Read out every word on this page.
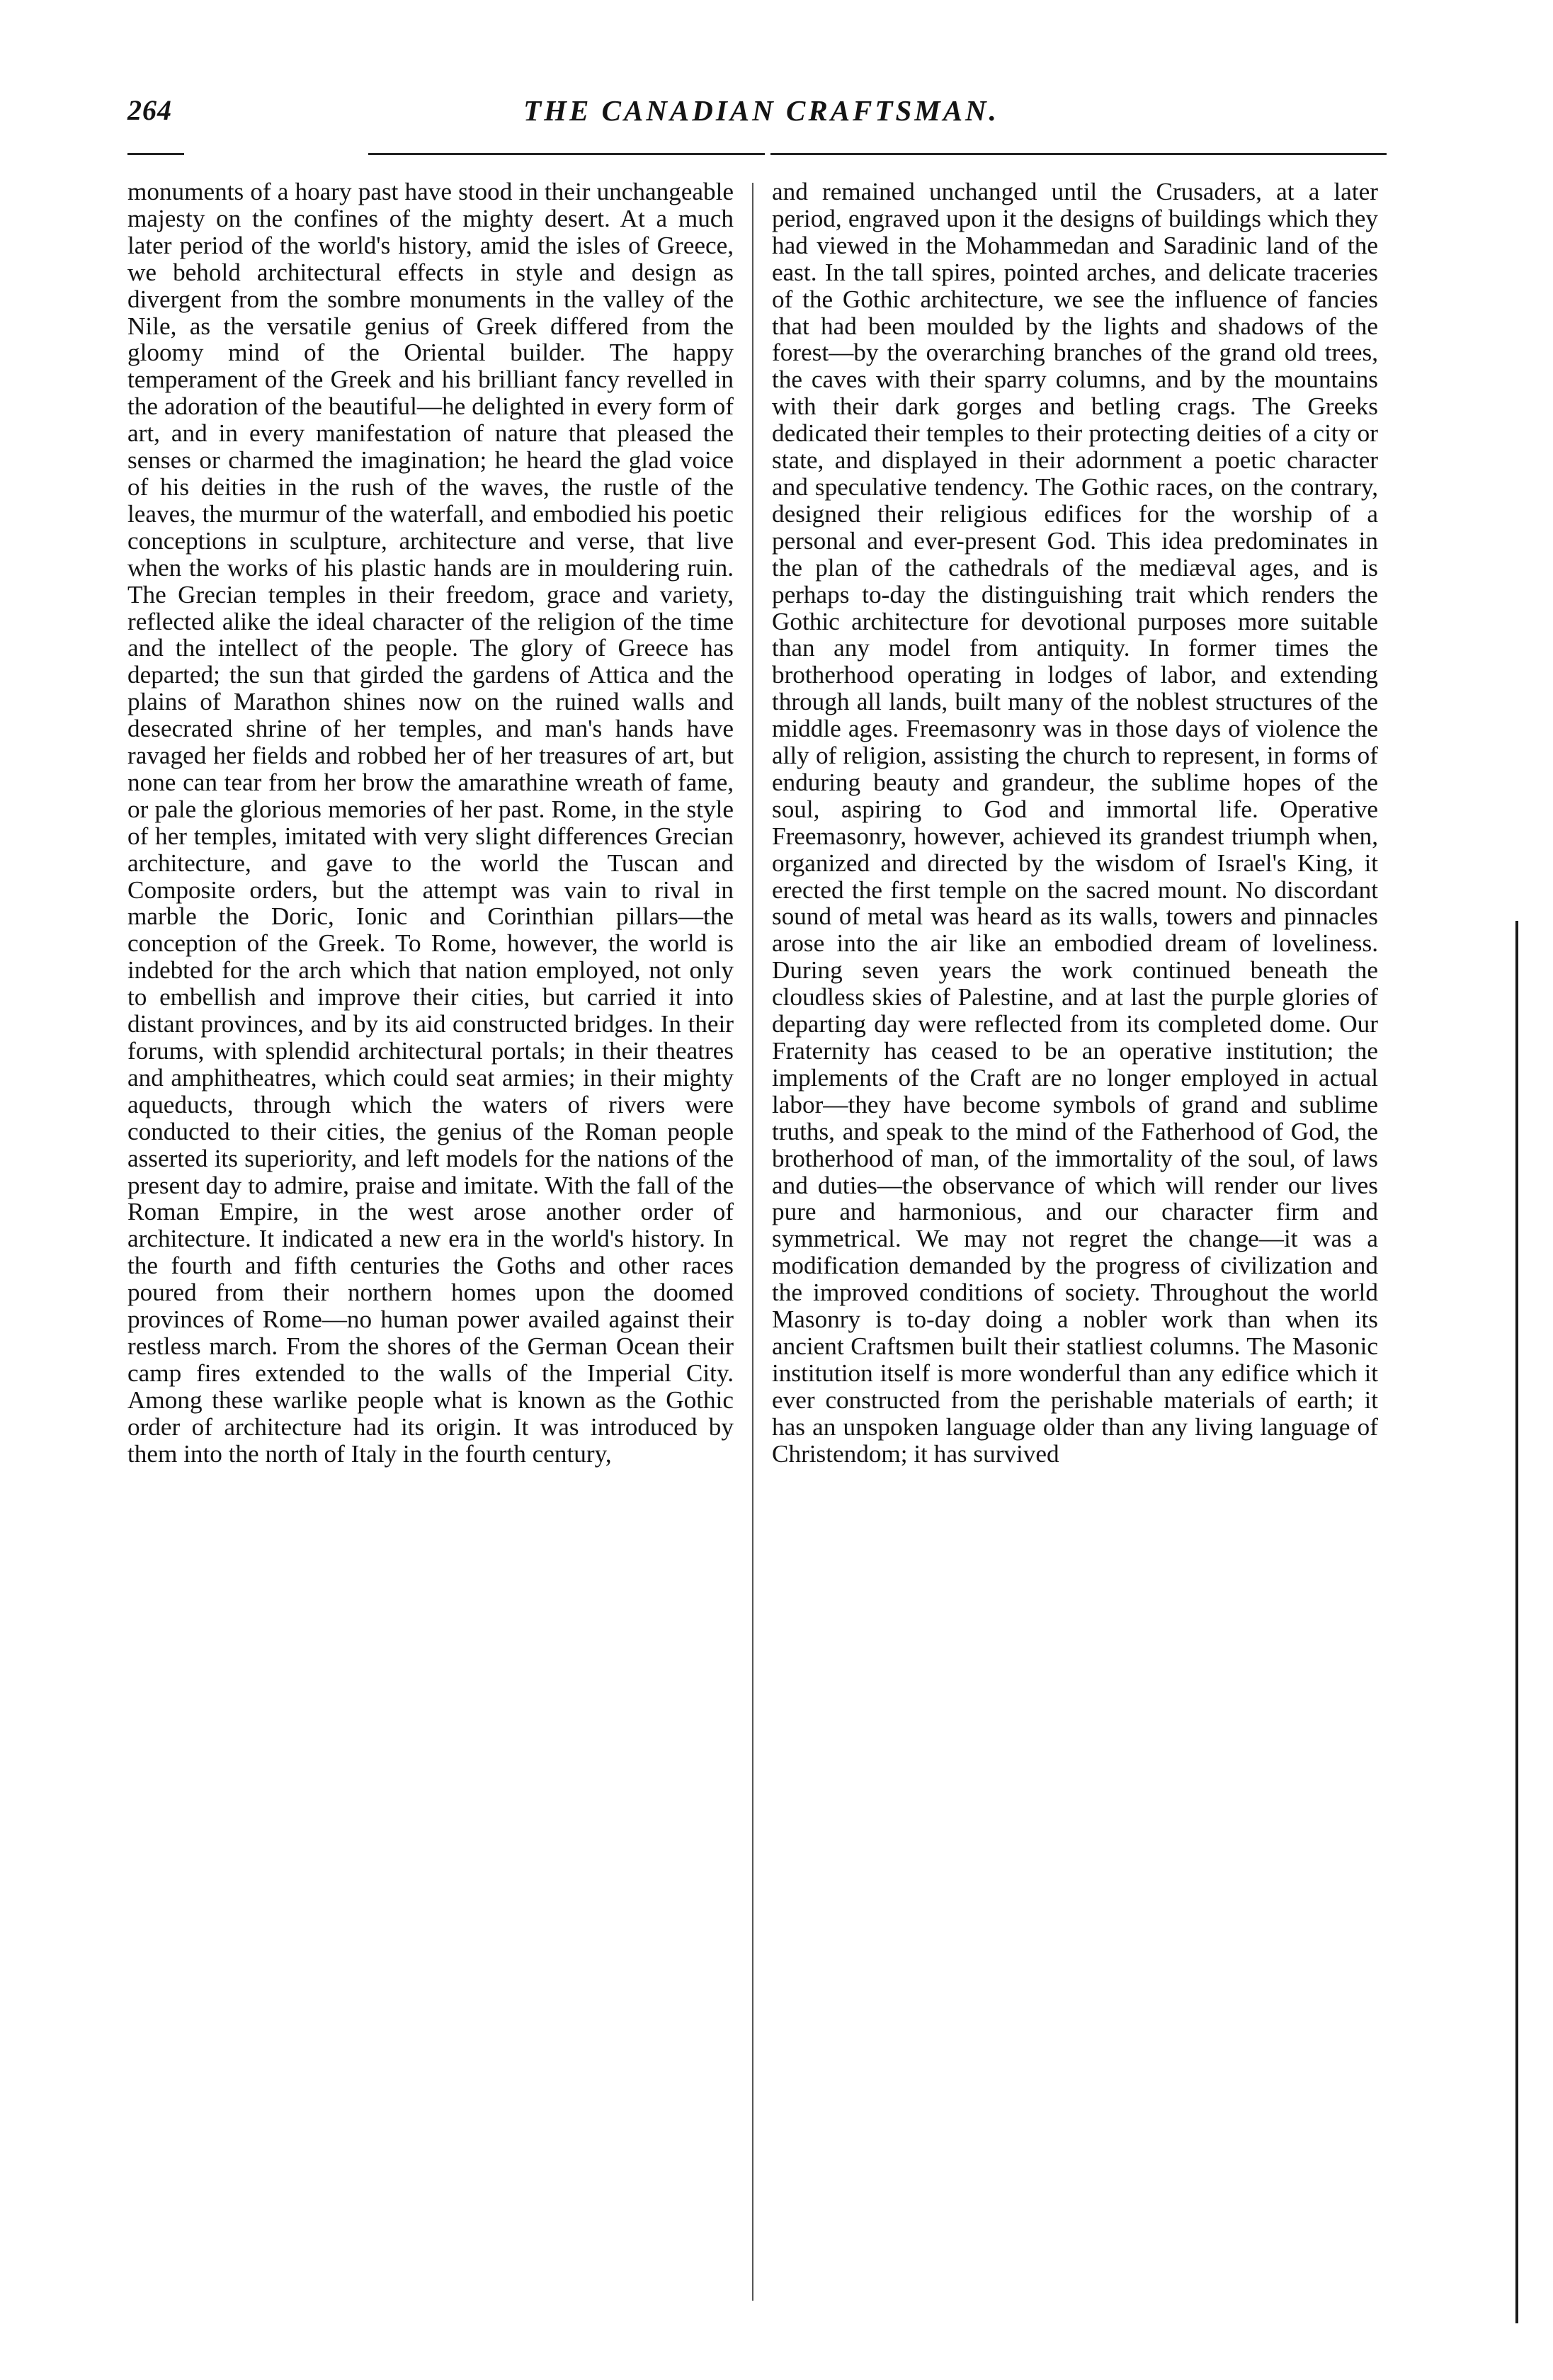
264	THE CANADIAN CRAFTSMAN.

monuments of a hoary past have stood in their unchangeable majesty on the confines of the mighty desert. At a much later period of the world's history, amid the isles of Greece, we behold architectural effects in style and design as divergent from the sombre monuments in the valley of the Nile, as the versatile genius of Greek differed from the gloomy mind of the Oriental builder. The happy temperament of the Greek and his brilliant fancy revelled in the adoration of the beautiful—he delighted in every form of art, and in every manifestation of nature that pleased the senses or charmed the imagination; he heard the glad voice of his deities in the rush of the waves, the rustle of the leaves, the murmur of the waterfall, and embodied his poetic conceptions in sculpture, architecture and verse, that live when the works of his plastic hands are in mouldering ruin. The Grecian temples in their freedom, grace and variety, reflected alike the ideal character of the religion of the time and the intellect of the people. The glory of Greece has departed; the sun that girded the gardens of Attica and the plains of Marathon shines now on the ruined walls and desecrated shrine of her temples, and man's hands have ravaged her fields and robbed her of her treasures of art, but none can tear from her brow the amarathine wreath of fame, or pale the glorious memories of her past. Rome, in the style of her temples, imitated with very slight differences Grecian architecture, and gave to the world the Tuscan and Composite orders, but the attempt was vain to rival in marble the Doric, Ionic and Corinthian pillars—the conception of the Greek. To Rome, however, the world is indebted for the arch which that nation employed, not only to embellish and improve their cities, but carried it into distant provinces, and by its aid constructed bridges. In their forums, with splendid architectural portals; in their theatres and amphitheatres, which could seat armies; in their mighty aqueducts, through which the waters of rivers were conducted to their cities, the genius of the Roman people asserted its superiority, and left models for the nations of the present day to admire, praise and imitate. With the fall of the Roman Empire, in the west arose another order of architecture. It indicated a new era in the world's history. In the fourth and fifth centuries the Goths and other races poured from their northern homes upon the doomed provinces of Rome—no human power availed against their restless march. From the shores of the German Ocean their camp fires extended to the walls of the Imperial City. Among these warlike people what is known as the Gothic order of architecture had its origin. It was introduced by them into the north of Italy in the fourth century,

and remained unchanged until the Crusaders, at a later period, engraved upon it the designs of buildings which they had viewed in the Mohammedan and Saradinic land of the east. In the tall spires, pointed arches, and delicate traceries of the Gothic architecture, we see the influence of fancies that had been moulded by the lights and shadows of the forest—by the overarching branches of the grand old trees, the caves with their sparry columns, and by the mountains with their dark gorges and betling crags. The Greeks dedicated their temples to their protecting deities of a city or state, and displayed in their adornment a poetic character and speculative tendency. The Gothic races, on the contrary, designed their religious edifices for the worship of a personal and ever-present God. This idea predominates in the plan of the cathedrals of the mediæval ages, and is perhaps to-day the distinguishing trait which renders the Gothic architecture for devotional purposes more suitable than any model from antiquity. In former times the brotherhood operating in lodges of labor, and extending through all lands, built many of the noblest structures of the middle ages. Freemasonry was in those days of violence the ally of religion, assisting the church to represent, in forms of enduring beauty and grandeur, the sublime hopes of the soul, aspiring to God and immortal life. Operative Freemasonry, however, achieved its grandest triumph when, organized and directed by the wisdom of Israel's King, it erected the first temple on the sacred mount. No discordant sound of metal was heard as its walls, towers and pinnacles arose into the air like an embodied dream of loveliness. During seven years the work continued beneath the cloudless skies of Palestine, and at last the purple glories of departing day were reflected from its completed dome. Our Fraternity has ceased to be an operative institution; the implements of the Craft are no longer employed in actual labor—they have become symbols of grand and sublime truths, and speak to the mind of the Fatherhood of God, the brotherhood of man, of the immortality of the soul, of laws and duties—the observance of which will render our lives pure and harmonious, and our character firm and symmetrical. We may not regret the change—it was a modification demanded by the progress of civilization and the improved conditions of society. Throughout the world Masonry is to-day doing a nobler work than when its ancient Craftsmen built their statliest columns. The Masonic institution itself is more wonderful than any edifice which it ever constructed from the perishable materials of earth; it has an unspoken language older than any living language of Christendom; it has survived
